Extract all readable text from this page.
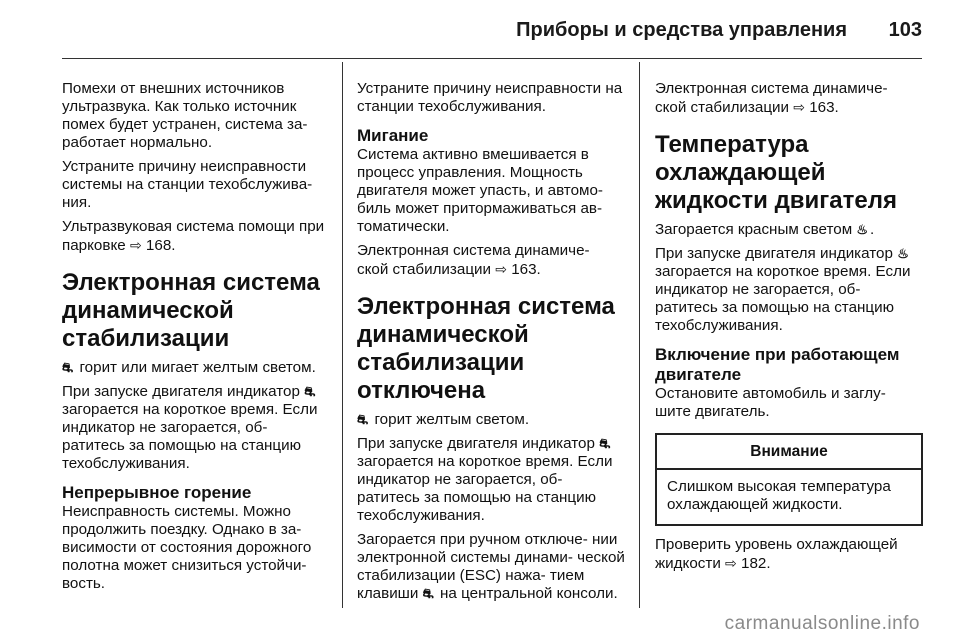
Приборы и средства управления 103

Помехи от внешних источников ультразвука. Как только источник помех будет устранен, система за- работает нормально.

Устраните причину неисправности системы на станции техобслужива- ния.

Ультразвуковая система помощи при парковке ⇨ 168.

Электронная система динамической стабилизации

⛐ горит или мигает желтым светом.

При запуске двигателя индикатор ⛐ загорается на короткое время. Если индикатор не загорается, об- ратитесь за помощью на станцию техобслуживания.

Непрерывное горение

Неисправность системы. Можно продолжить поездку. Однако в за- висимости от состояния дорожного полотна может снизиться устойчи- вость.

Устраните причину неисправности на станции техобслуживания.

Мигание

Система активно вмешивается в процесс управления. Мощность двигателя может упасть, и автомо- биль может притормаживаться ав- томатически.

Электронная система динамиче- ской стабилизации ⇨ 163.

Электронная система динамической стабилизации отключена

⛐ горит желтым светом.

При запуске двигателя индикатор ⛐ загорается на короткое время. Если индикатор не загорается, об- ратитесь за помощью на станцию техобслуживания.

Загорается при ручном отключе- нии электронной системы динами- ческой стабилизации (ESC) нажа- тием клавиши ⛐ на центральной консоли.

Электронная система динамиче- ской стабилизации ⇨ 163.

Температура охлаждающей жидкости двигателя

Загорается красным светом ♨ .

При запуске двигателя индикатор ♨ загорается на короткое время. Если индикатор не загорается, об- ратитесь за помощью на станцию техобслуживания.

Включение при работающем двигателе

Остановите автомобиль и заглу- шите двигатель.

Внимание
Слишком высокая температура охлаждающей жидкости.

Проверить уровень охлаждающей жидкости ⇨ 182.

carmanualsonline.info
